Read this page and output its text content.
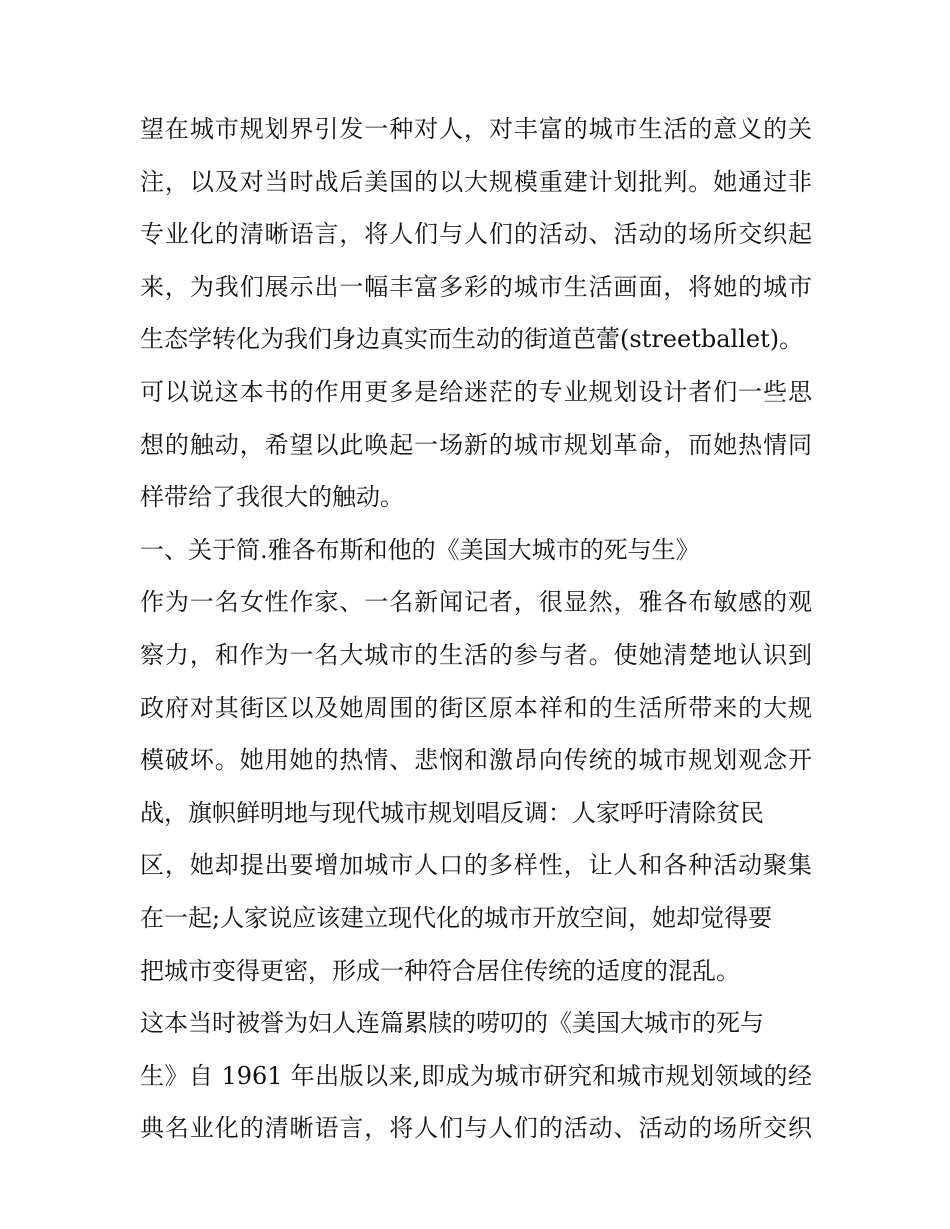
望在城市规划界引发一种对人，对丰富的城市生活的意义的关
注，以及对当时战后美国的以大规模重建计划批判。她通过非
专业化的清晰语言，将人们与人们的活动、活动的场所交织起
来，为我们展示出一幅丰富多彩的城市生活画面，将她的城市
生态学转化为我们身边真实而生动的街道芭蕾(streetballet)。
可以说这本书的作用更多是给迷茫的专业规划设计者们一些思
想的触动，希望以此唤起一场新的城市规划革命，而她热情同
样带给了我很大的触动。
一、关于简.雅各布斯和他的《美国大城市的死与生》
作为一名女性作家、一名新闻记者，很显然，雅各布敏感的观
察力，和作为一名大城市的生活的参与者。使她清楚地认识到
政府对其街区以及她周围的街区原本祥和的生活所带来的大规
模破坏。她用她的热情、悲悯和激昂向传统的城市规划观念开
战，旗帜鲜明地与现代城市规划唱反调：人家呼吁清除贫民
区，她却提出要增加城市人口的多样性，让人和各种活动聚集
在一起;人家说应该建立现代化的城市开放空间，她却觉得要
把城市变得更密，形成一种符合居住传统的适度的混乱。
这本当时被誉为妇人连篇累牍的唠叨的《美国大城市的死与
生》自 1961 年出版以来,即成为城市研究和城市规划领域的经
典名业化的清晰语言，将人们与人们的活动、活动的场所交织
